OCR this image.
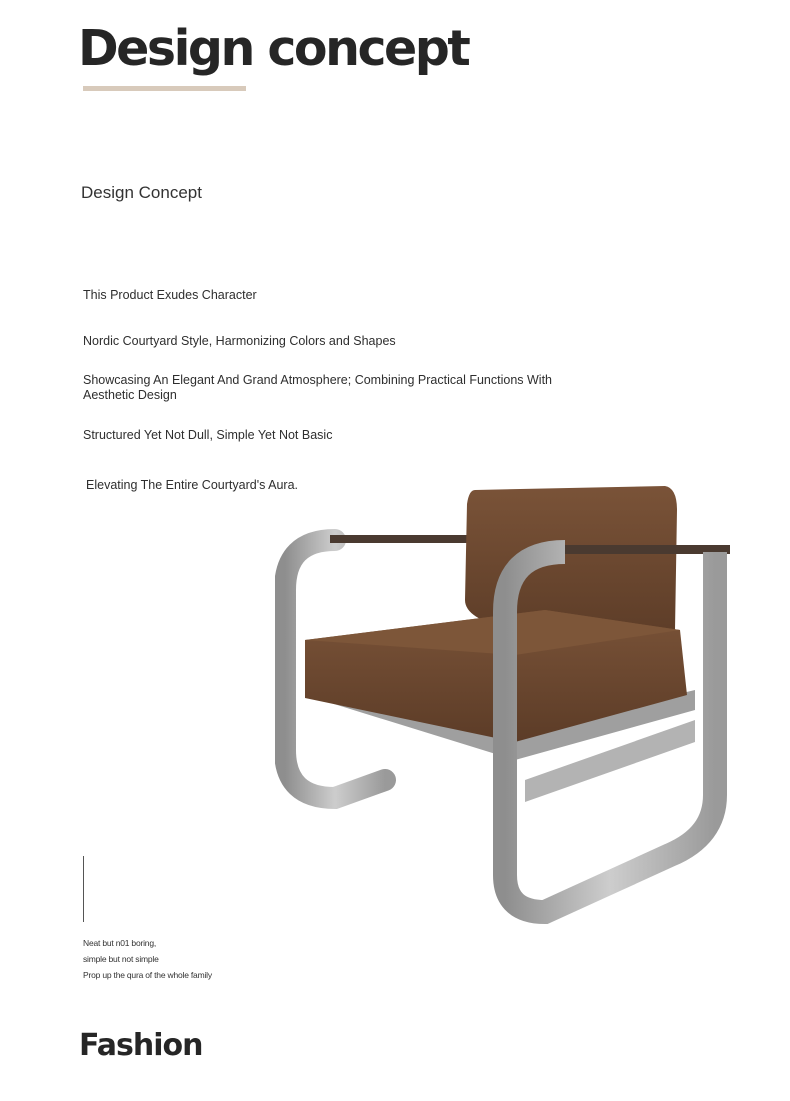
Design concept
Design Concept
This Product Exudes Character
Nordic Courtyard Style, Harmonizing Colors and Shapes
Showcasing An Elegant And Grand Atmosphere; Combining Practical Functions With Aesthetic Design
Structured Yet Not Dull, Simple Yet Not Basic
Elevating The Entire Courtyard's Aura.
Neat but n01 boring,
simple but not simple
Prop up the qura of the whole family
Fashion
